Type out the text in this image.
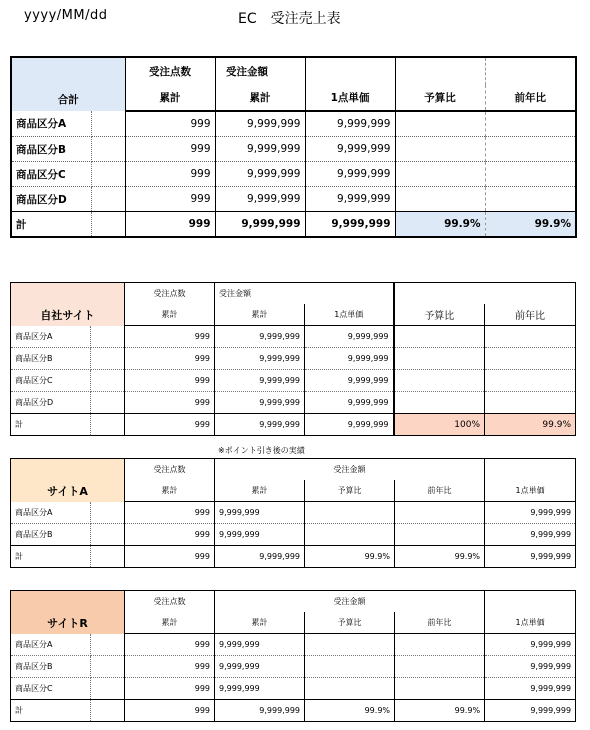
yyyy/MM/dd	EC　受注売上表
合計		受注点数	受注金額			
		累計	累計	1点単価	予算比	前年比
商品区分A		999	9,999,999	9,999,999		
商品区分B		999	9,999,999	9,999,999		
商品区分C		999	9,999,999	9,999,999		
商品区分D		999	9,999,999	9,999,999		
計		999	9,999,999	9,999,999	99.9%	99.9%
自社サイト		受注点数	受注金額			
		累計	累計	1点単価	予算比	前年比
商品区分A		999	9,999,999	9,999,999		
商品区分B		999	9,999,999	9,999,999		
商品区分C		999	9,999,999	9,999,999		
商品区分D		999	9,999,999	9,999,999		
計		999	9,999,999	9,999,999	100%	99.9%
※ポイント引き後の実績
サイトA		受注点数	受注金額			
		累計	累計	予算比	前年比	1点単価
商品区分A		999	9,999,999			9,999,999
商品区分B		999	9,999,999			9,999,999
計		999	9,999,999	99.9%	99.9%	9,999,999
サイトR		受注点数	受注金額			
		累計	累計	予算比	前年比	1点単価
商品区分A		999	9,999,999			9,999,999
商品区分B		999	9,999,999			9,999,999
商品区分C		999	9,999,999			9,999,999
計		999	9,999,999	99.9%	99.9%	9,999,999
